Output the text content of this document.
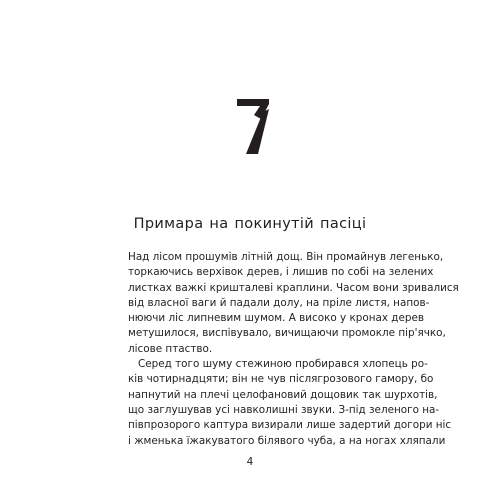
Примара на покинутій пасіці
Над лісом прошумів літній дощ. Він промайнув легенько,
торкаючись верхівок дерев, і лишив по собі на зелених
листках важкі кришталеві краплини. Часом вони зривалися
від власної ваги й падали долу, на пріле листя, напов-
нюючи ліс липневим шумом. А високо у кронах дерев
метушилося, виспівувало, вичищаючи промокле пір'ячко,
лісове птаство.
Серед того шуму стежиною пробирався хлопець ро-
ків чотирнадцяти; він не чув післягрозового гамору, бо
напнутий на плечі целофановий дощовик так шурхотів,
що заглушував усі навколишні звуки. З-під зеленого на-
півпрозорого каптура визирали лише задертий догори ніс
і жменька їжакуватого білявого чуба, а на ногах хляпали
4
